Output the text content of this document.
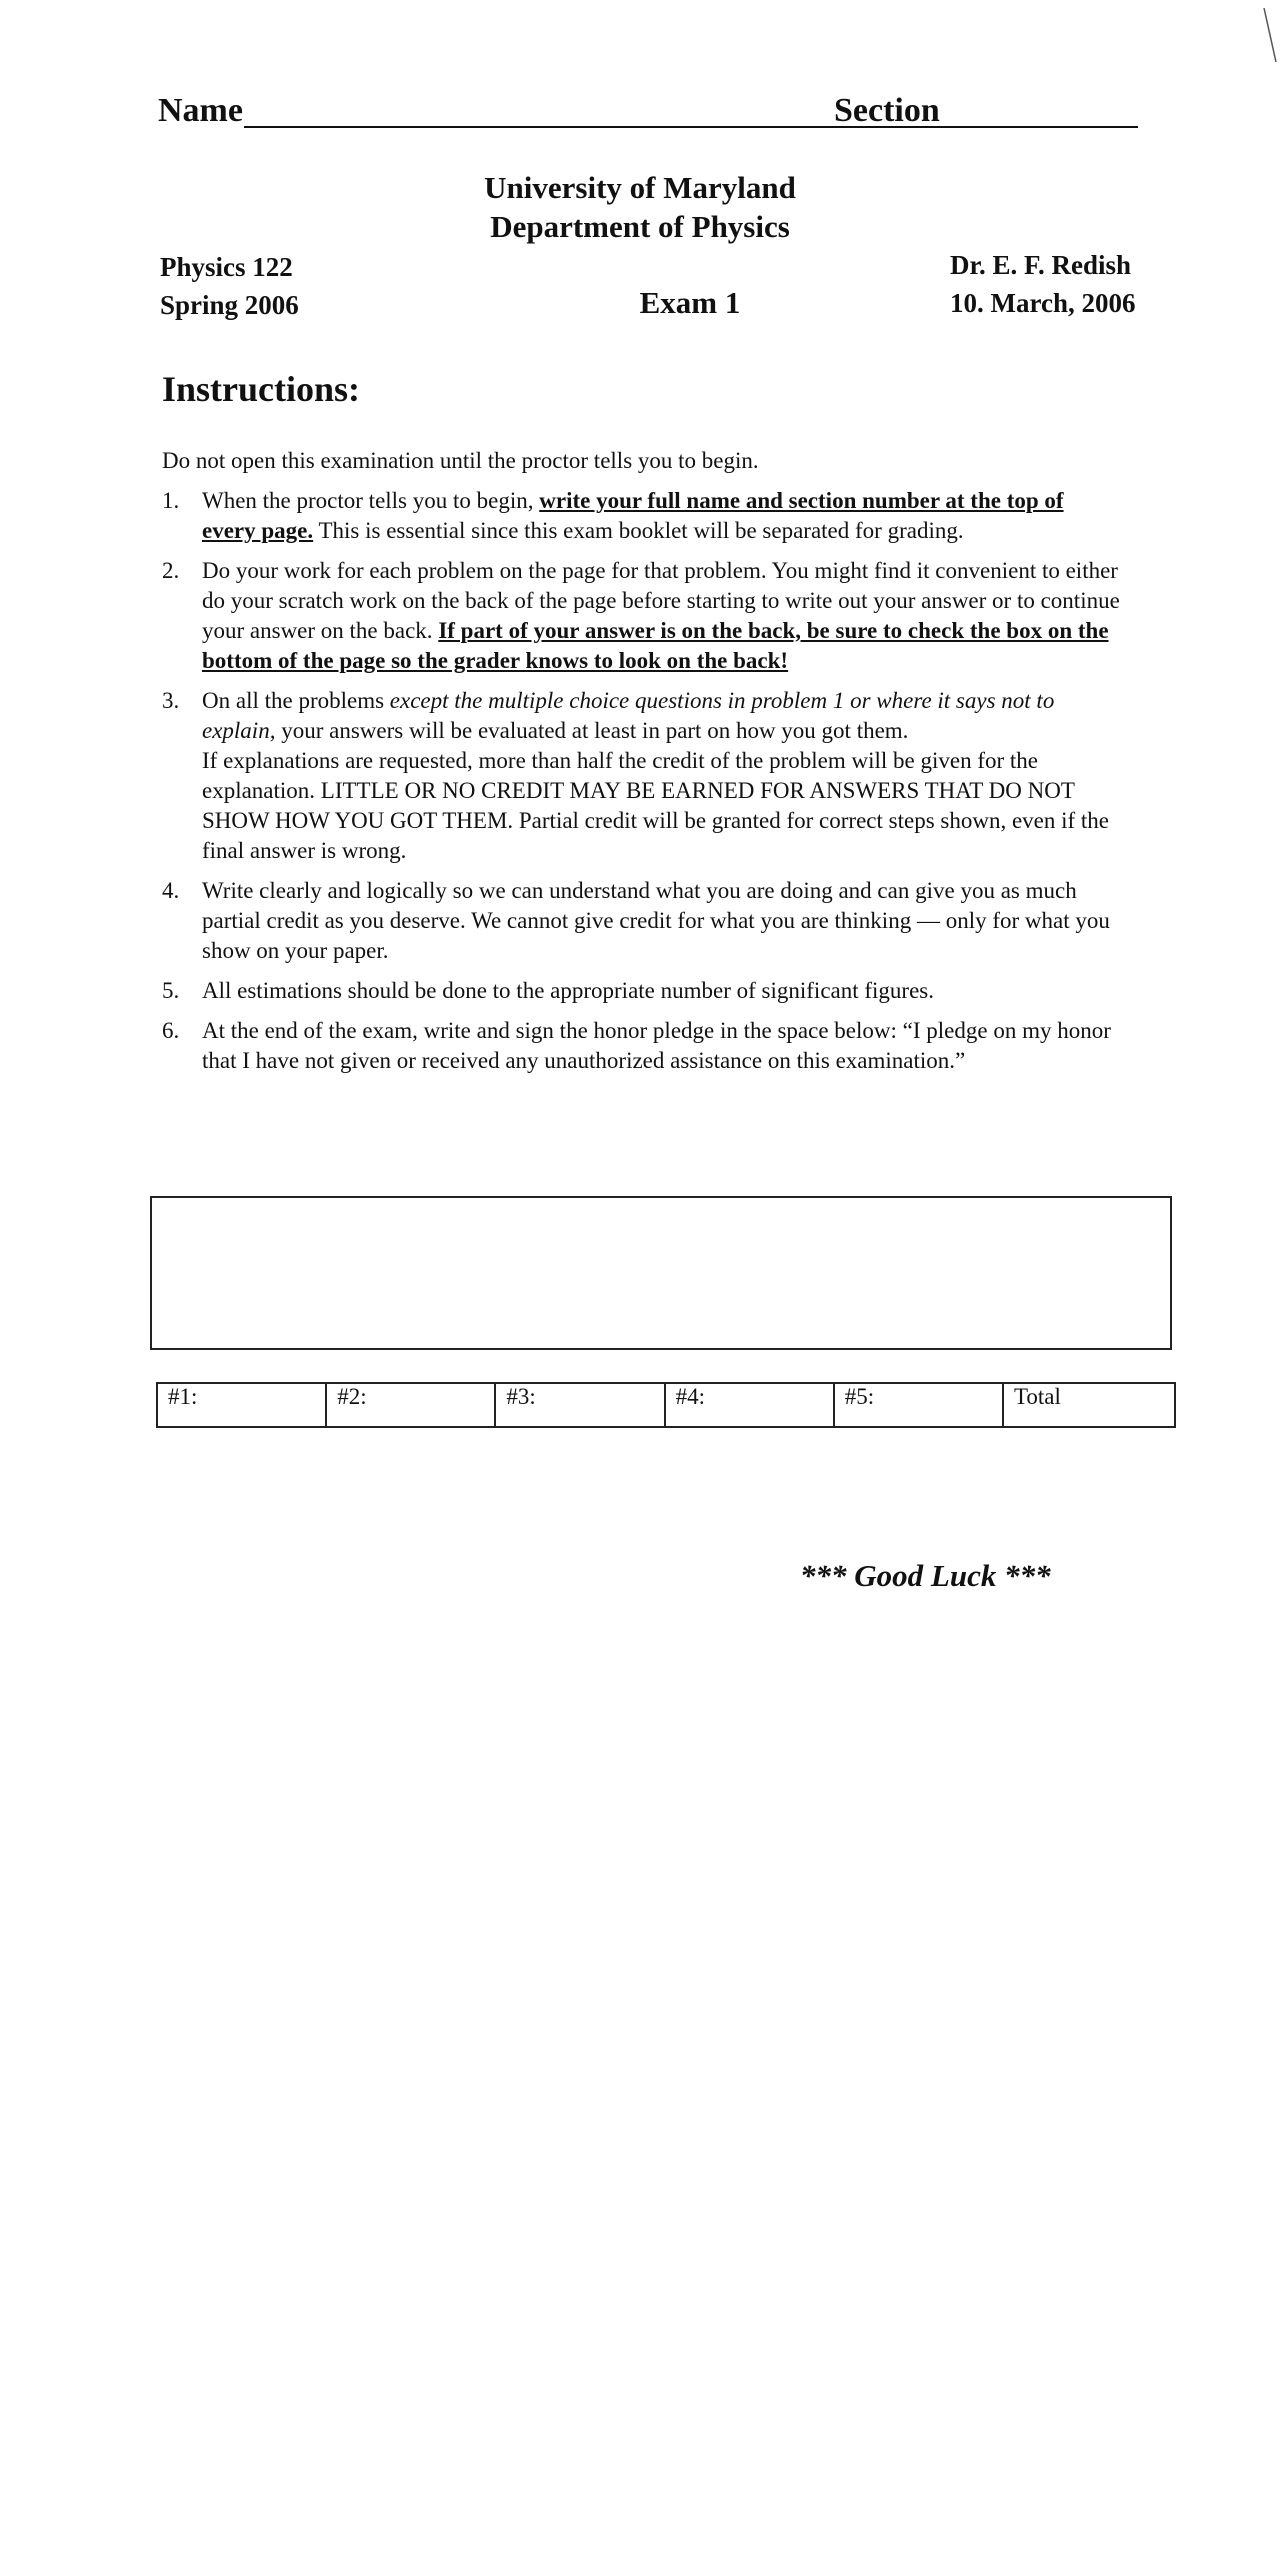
Name	Section
University of Maryland
Department of Physics
Physics 122
Spring 2006	Exam 1
Dr. E. F. Redish
10. March, 2006
Instructions:
Do not open this examination until the proctor tells you to begin.
1. When the proctor tells you to begin, write your full name and section number at the top of every page. This is essential since this exam booklet will be separated for grading.
2. Do your work for each problem on the page for that problem. You might find it convenient to either do your scratch work on the back of the page before starting to write out your answer or to continue your answer on the back. If part of your answer is on the back, be sure to check the box on the bottom of the page so the grader knows to look on the back!
3. On all the problems except the multiple choice questions in problem 1 or where it says not to explain, your answers will be evaluated at least in part on how you got them.
If explanations are requested, more than half the credit of the problem will be given for the explanation. LITTLE OR NO CREDIT MAY BE EARNED FOR ANSWERS THAT DO NOT SHOW HOW YOU GOT THEM. Partial credit will be granted for correct steps shown, even if the final answer is wrong.
4. Write clearly and logically so we can understand what you are doing and can give you as much partial credit as you deserve. We cannot give credit for what you are thinking — only for what you show on your paper.
5. All estimations should be done to the appropriate number of significant figures.
6. At the end of the exam, write and sign the honor pledge in the space below: “I pledge on my honor that I have not given or received any unauthorized assistance on this examination.”
#1:	#2:	#3:	#4:	#5:	Total
*** Good Luck ***
